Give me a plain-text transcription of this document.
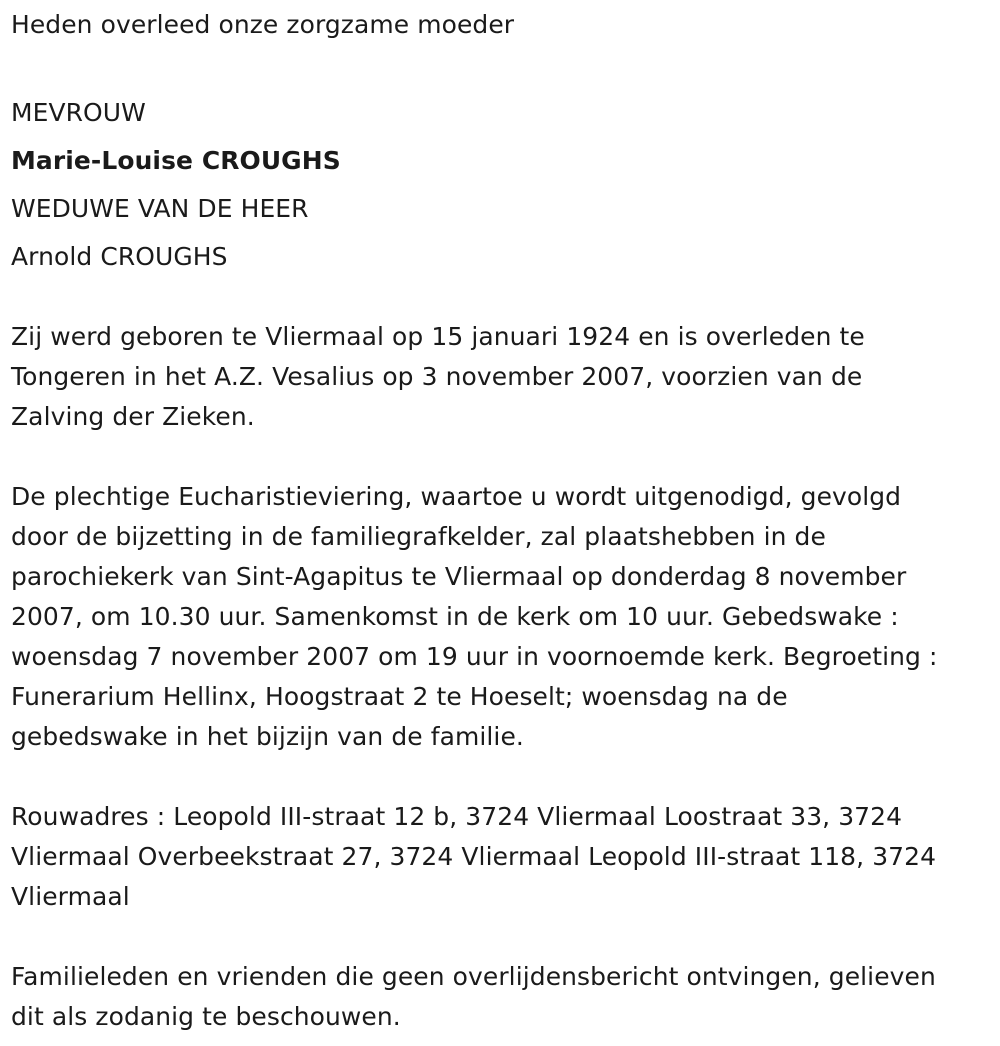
Heden overleed onze zorgzame moeder
MEVROUW
Marie-Louise CROUGHS
WEDUWE VAN DE HEER
Arnold CROUGHS
Zij werd geboren te Vliermaal op 15 januari 1924 en is overleden te
Tongeren in het A.Z. Vesalius op 3 november 2007, voorzien van de
Zalving der Zieken.
De plechtige Eucharistieviering, waartoe u wordt uitgenodigd, gevolgd
door de bijzetting in de familiegrafkelder, zal plaatshebben in de
parochiekerk van Sint-Agapitus te Vliermaal op donderdag 8 november
2007, om 10.30 uur. Samenkomst in de kerk om 10 uur. Gebedswake :
woensdag 7 november 2007 om 19 uur in voornoemde kerk. Begroeting :
Funerarium Hellinx, Hoogstraat 2 te Hoeselt; woensdag na de
gebedswake in het bijzijn van de familie.
Rouwadres : Leopold III-straat 12 b, 3724 Vliermaal Loostraat 33, 3724
Vliermaal Overbeekstraat 27, 3724 Vliermaal Leopold III-straat 118, 3724
Vliermaal
Familieleden en vrienden die geen overlijdensbericht ontvingen, gelieven
dit als zodanig te beschouwen.
